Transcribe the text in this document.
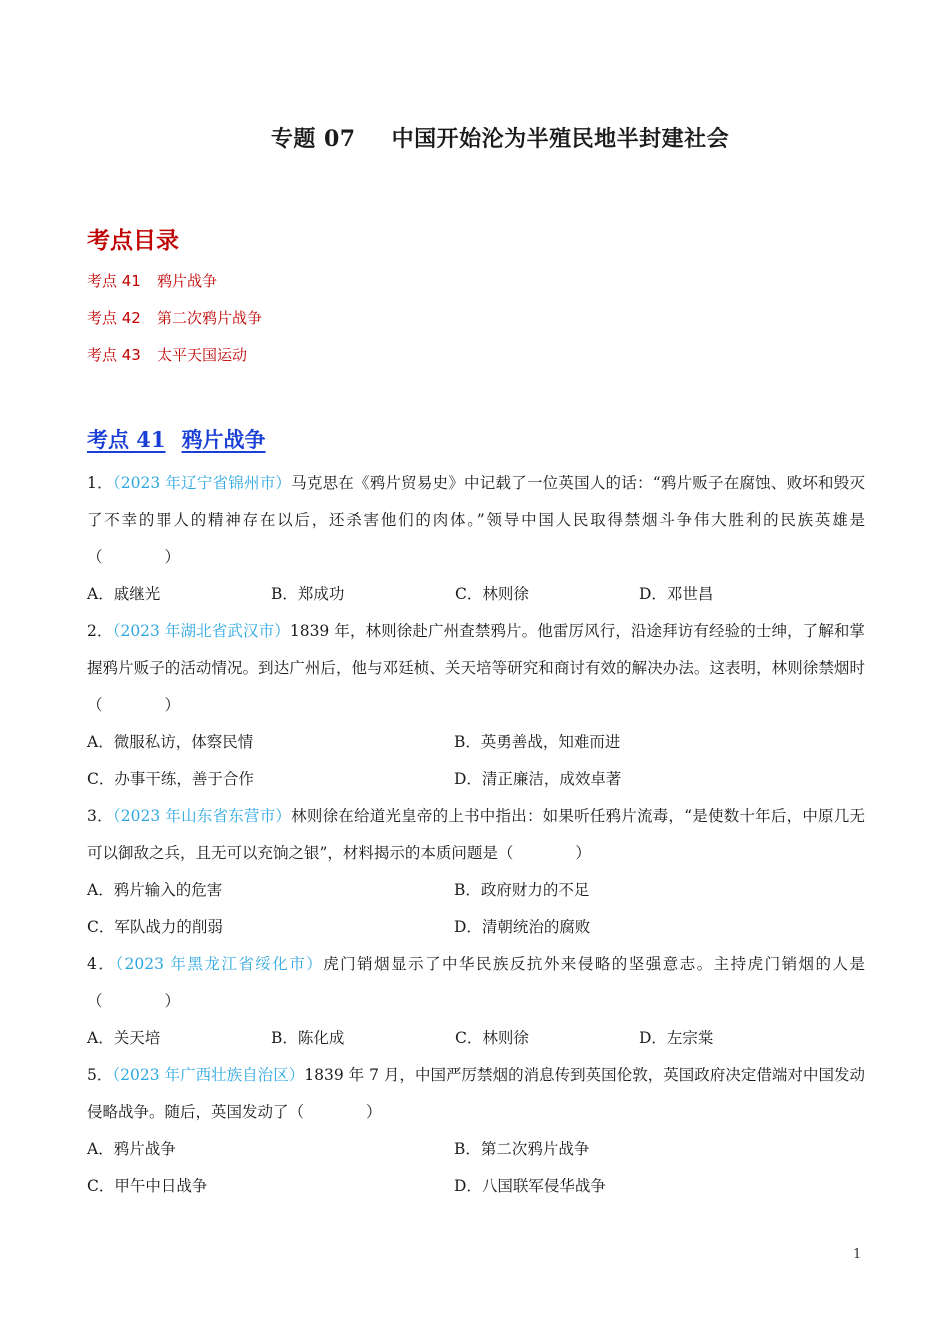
专题 07 中国开始沦为半殖民地半封建社会
考点目录
考点 41 鸦片战争
考点 42 第二次鸦片战争
考点 43 太平天国运动
考点 41 鸦片战争

1．（2023 年辽宁省锦州市）马克思在《鸦片贸易史》中记载了一位英国人的话：“鸦片贩子在腐蚀、败坏和毁灭了不幸的罪人的精神存在以后，还杀害他们的肉体。”领导中国人民取得禁烟斗争伟大胜利的民族英雄是（　　　　）

A．戚继光	B．郑成功	C．林则徐	D．邓世昌

2．（2023 年湖北省武汉市）1839 年，林则徐赴广州查禁鸦片。他雷厉风行，沿途拜访有经验的士绅，了解和掌握鸦片贩子的活动情况。到达广州后，他与邓廷桢、关天培等研究和商讨有效的解决办法。这表明，林则徐禁烟时（　　　　）

A．微服私访，体察民情	B．英勇善战，知难而进
C．办事干练，善于合作	D．清正廉洁，成效卓著

3．（2023 年山东省东营市）林则徐在给道光皇帝的上书中指出：如果听任鸦片流毒，“是使数十年后，中原几无可以御敌之兵，且无可以充饷之银”，材料揭示的本质问题是（　　　　）

A．鸦片输入的危害	B．政府财力的不足
C．军队战力的削弱	D．清朝统治的腐败

4．（2023 年黑龙江省绥化市）虎门销烟显示了中华民族反抗外来侵略的坚强意志。主持虎门销烟的人是（　　　　）

A．关天培	B．陈化成	C．林则徐	D．左宗棠

5．（2023 年广西壮族自治区）1839 年 7 月，中国严厉禁烟的消息传到英国伦敦，英国政府决定借端对中国发动侵略战争。随后，英国发动了（　　　　）

A．鸦片战争	B．第二次鸦片战争
C．甲午中日战争	D．八国联军侵华战争
1
